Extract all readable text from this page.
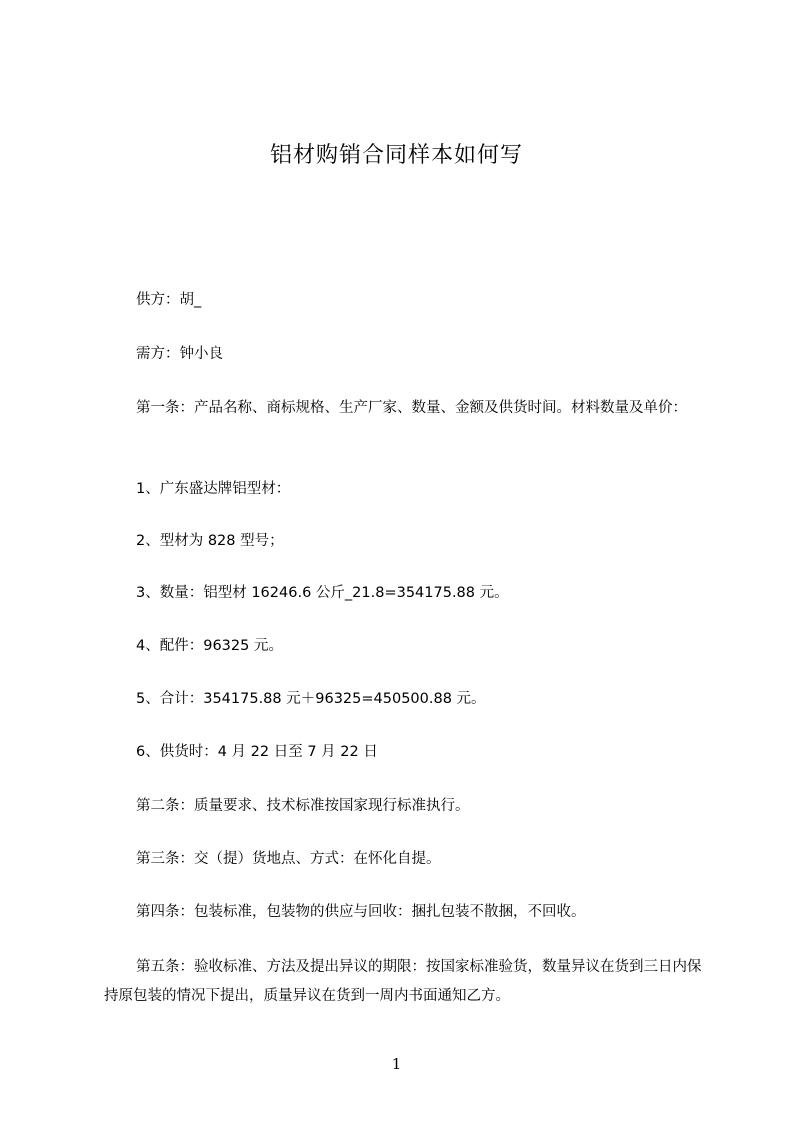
铝材购销合同样本如何写
供方：胡_
需方：钟小良
第一条：产品名称、商标规格、生产厂家、数量、金额及供货时间。材料数量及单价：
1、广东盛达牌铝型材：
2、型材为 828 型号；
3、数量：铝型材 16246.6 公斤_21.8=354175.88 元。
4、配件：96325 元。
5、合计：354175.88 元＋96325=450500.88 元。
6、供货时：4 月 22 日至 7 月 22 日
第二条：质量要求、技术标准按国家现行标准执行。
第三条：交（提）货地点、方式：在怀化自提。
第四条：包装标准，包装物的供应与回收：捆扎包装不散捆，不回收。
第五条：验收标准、方法及提出异议的期限：按国家标准验货，数量异议在货到三日内保持原包装的情况下提出，质量异议在货到一周内书面通知乙方。
1
